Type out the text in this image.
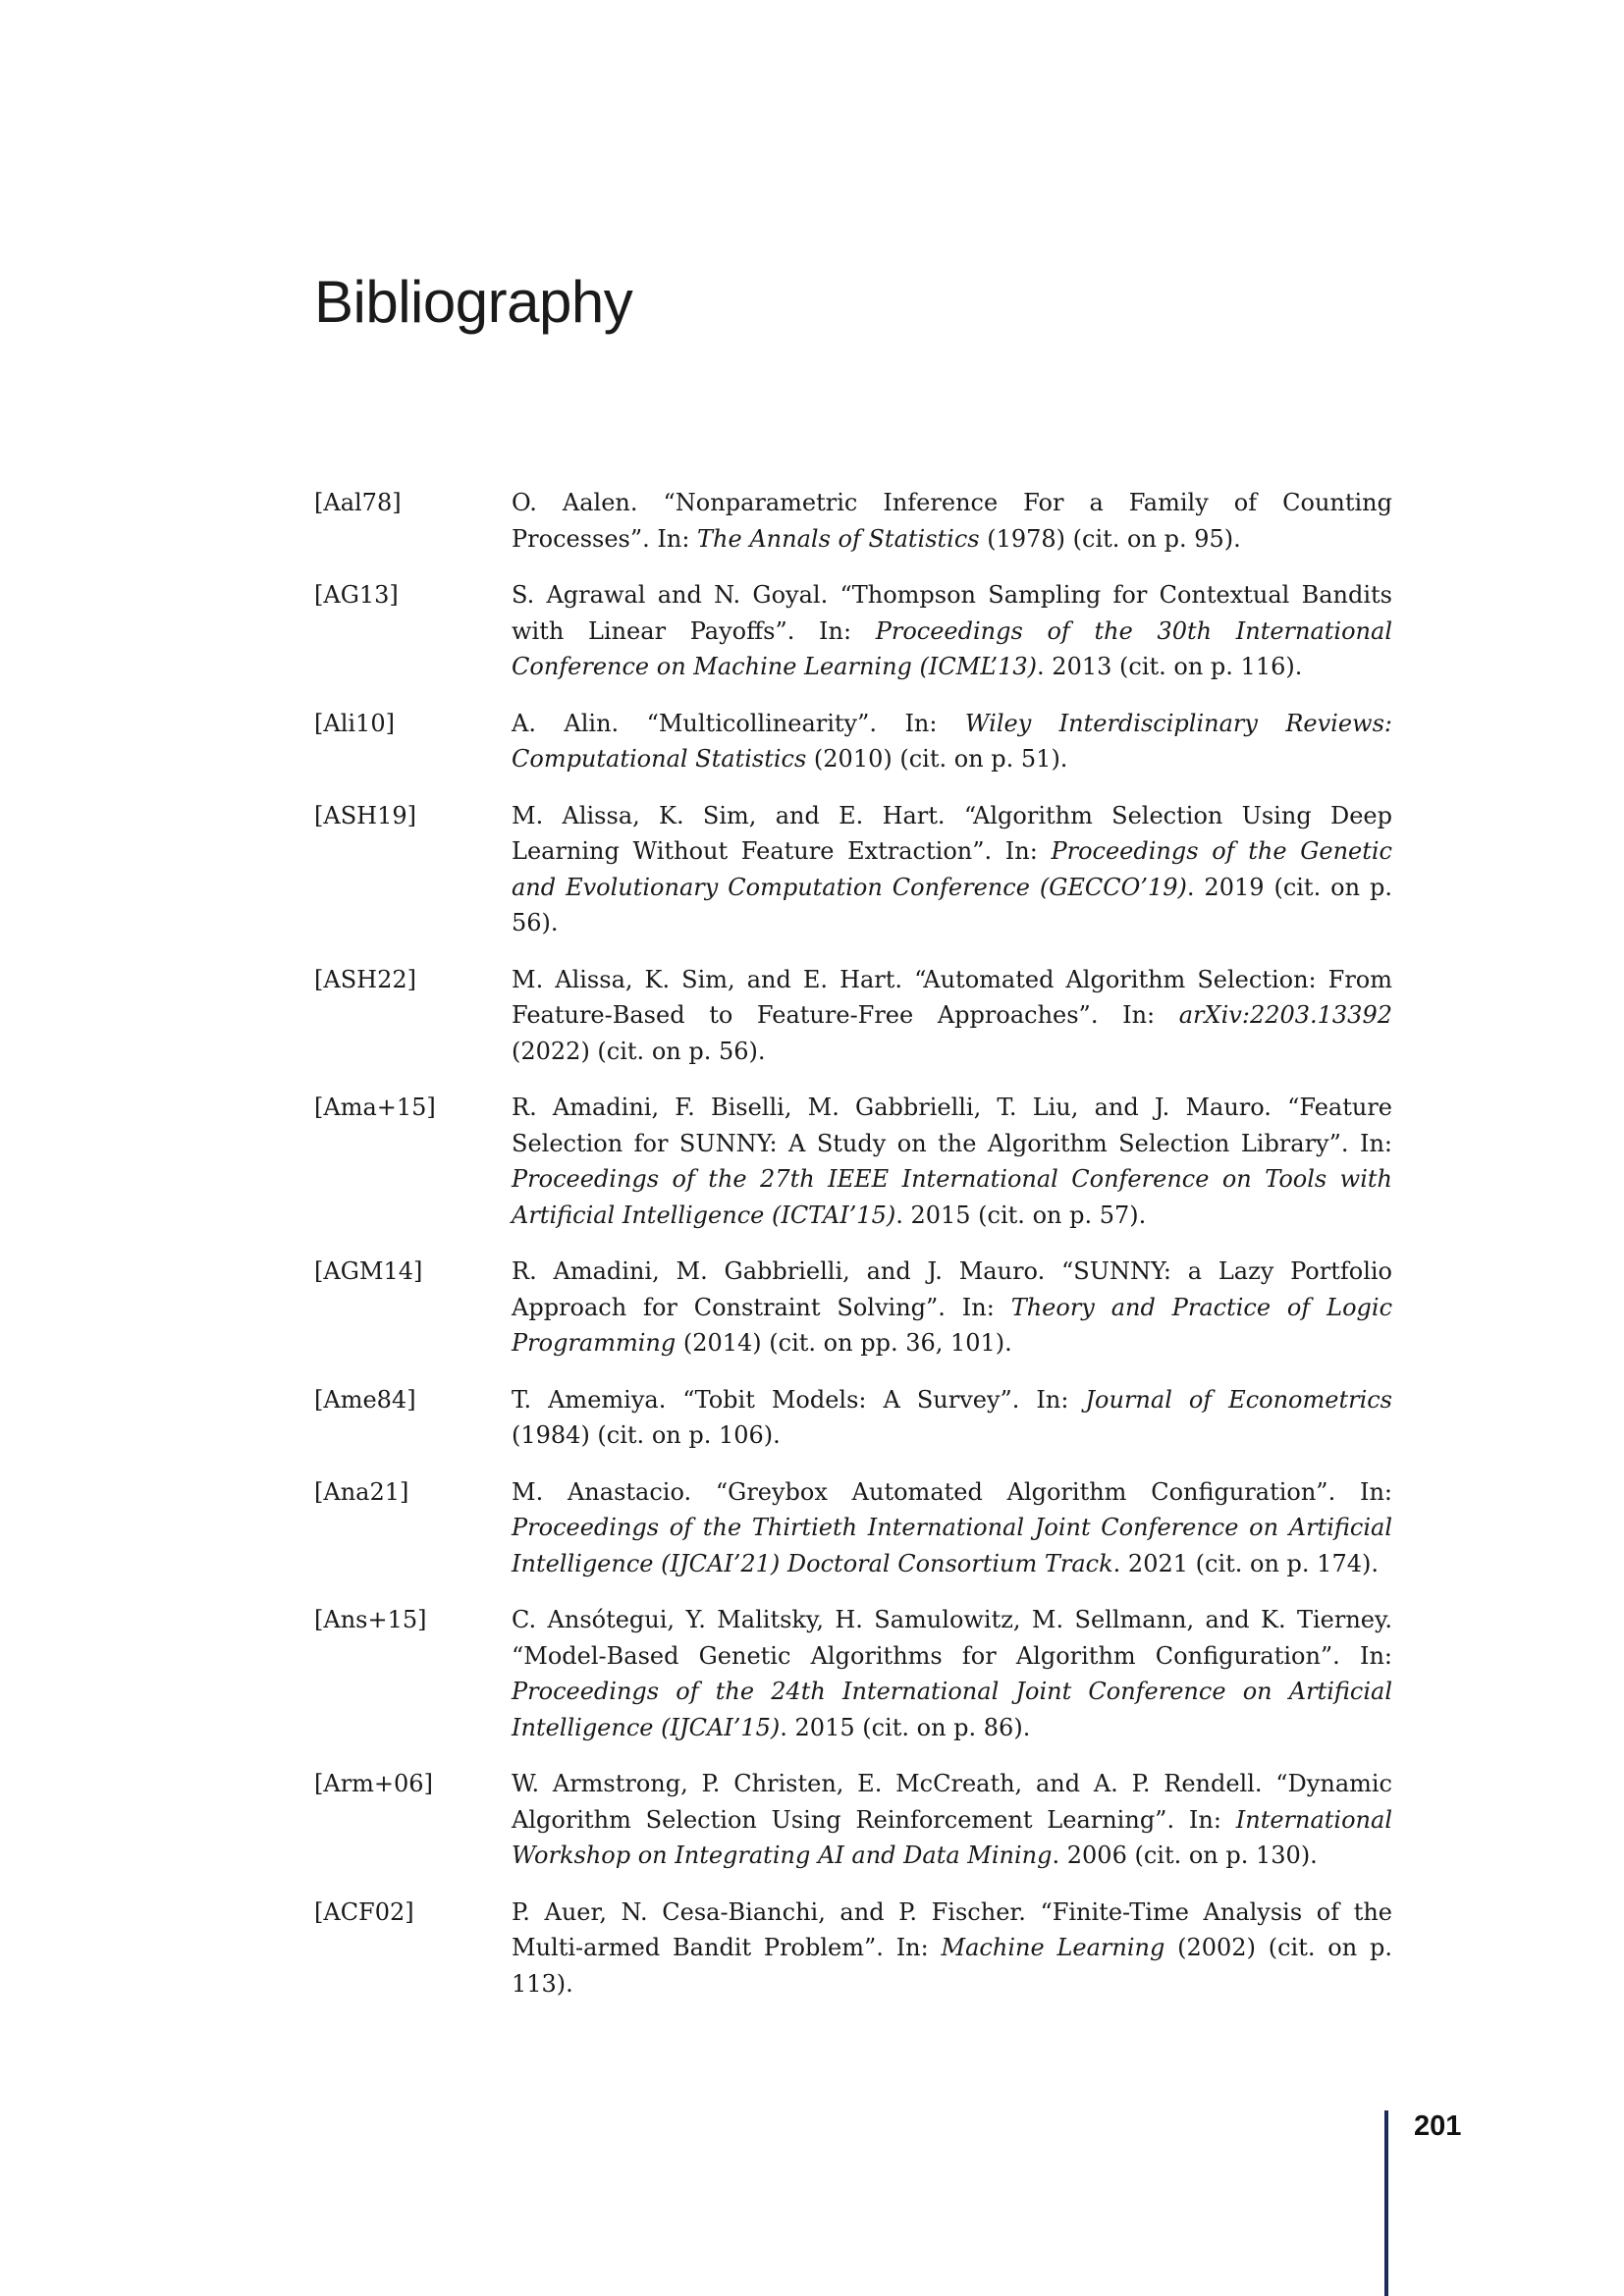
Bibliography
[Aal78]	O. Aalen. “Nonparametric Inference For a Family of Counting Processes”. In: The Annals of Statistics (1978) (cit. on p. 95).
[AG13]	S. Agrawal and N. Goyal. “Thompson Sampling for Contextual Bandits with Linear Payoffs”. In: Proceedings of the 30th International Conference on Machine Learning (ICML’13). 2013 (cit. on p. 116).
[Ali10]	A. Alin. “Multicollinearity”. In: Wiley Interdisciplinary Reviews: Computational Statistics (2010) (cit. on p. 51).
[ASH19]	M. Alissa, K. Sim, and E. Hart. “Algorithm Selection Using Deep Learning Without Feature Extraction”. In: Proceedings of the Genetic and Evolutionary Computation Conference (GECCO’19). 2019 (cit. on p. 56).
[ASH22]	M. Alissa, K. Sim, and E. Hart. “Automated Algorithm Selection: From Feature-Based to Feature-Free Approaches”. In: arXiv:2203.13392 (2022) (cit. on p. 56).
[Ama+15]	R. Amadini, F. Biselli, M. Gabbrielli, T. Liu, and J. Mauro. “Feature Selection for SUNNY: A Study on the Algorithm Selection Library”. In: Proceedings of the 27th IEEE International Conference on Tools with Artificial Intelligence (ICTAI’15). 2015 (cit. on p. 57).
[AGM14]	R. Amadini, M. Gabbrielli, and J. Mauro. “SUNNY: a Lazy Portfolio Approach for Constraint Solving”. In: Theory and Practice of Logic Programming (2014) (cit. on pp. 36, 101).
[Ame84]	T. Amemiya. “Tobit Models: A Survey”. In: Journal of Econometrics (1984) (cit. on p. 106).
[Ana21]	M. Anastacio. “Greybox Automated Algorithm Configuration”. In: Proceedings of the Thirtieth International Joint Conference on Artificial Intelligence (IJCAI’21) Doctoral Consortium Track. 2021 (cit. on p. 174).
[Ans+15]	C. Ansótegui, Y. Malitsky, H. Samulowitz, M. Sellmann, and K. Tierney. “Model-Based Genetic Algorithms for Algorithm Configuration”. In: Proceedings of the 24th International Joint Conference on Artificial Intelligence (IJCAI’15). 2015 (cit. on p. 86).
[Arm+06]	W. Armstrong, P. Christen, E. McCreath, and A. P. Rendell. “Dynamic Algorithm Selection Using Reinforcement Learning”. In: International Workshop on Integrating AI and Data Mining. 2006 (cit. on p. 130).
[ACF02]	P. Auer, N. Cesa-Bianchi, and P. Fischer. “Finite-Time Analysis of the Multi-armed Bandit Problem”. In: Machine Learning (2002) (cit. on p. 113).
201
